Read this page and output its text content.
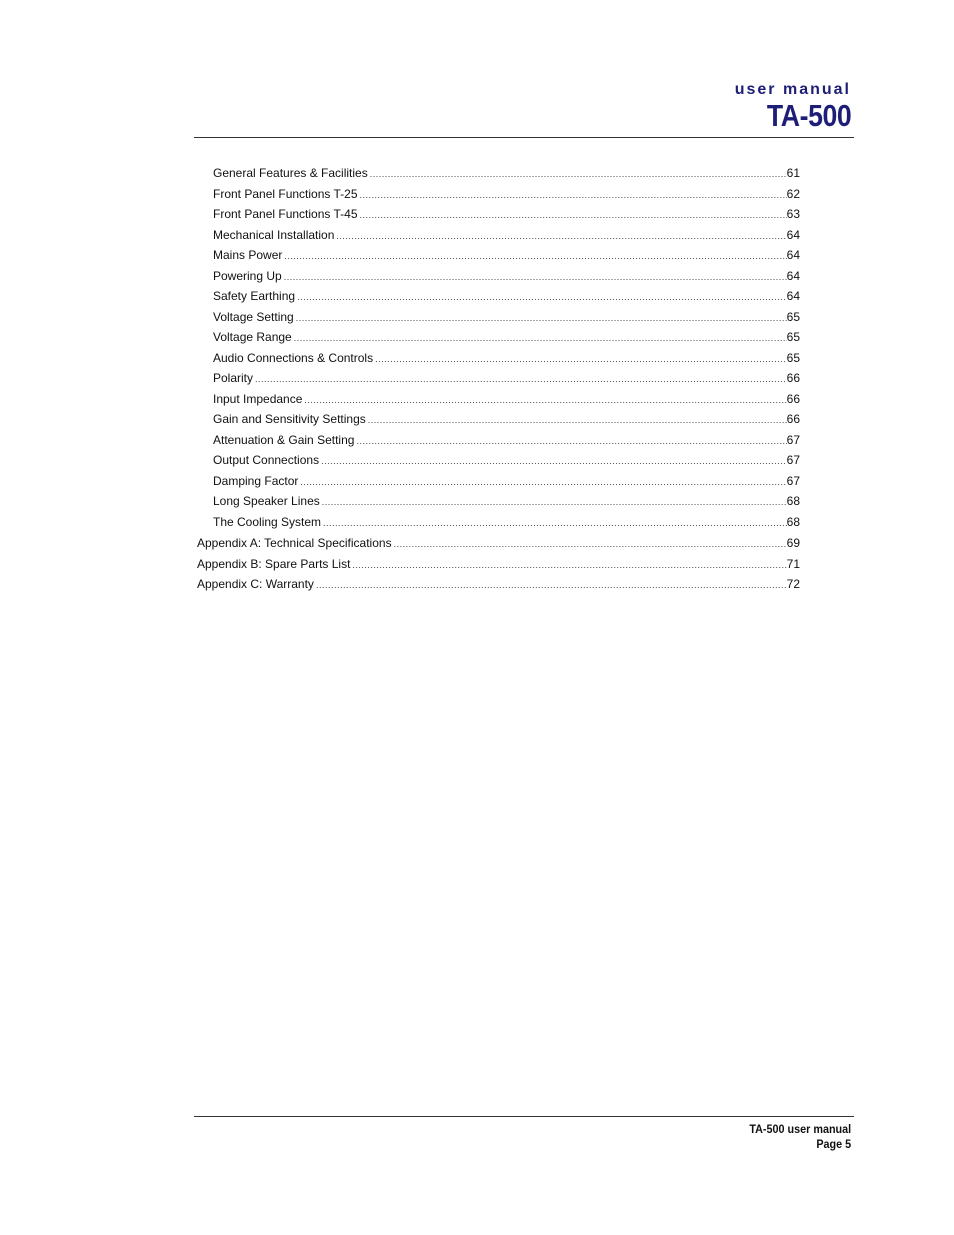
user manual
TA-500
General Features & Facilities .....	61
Front Panel Functions T-25 .....	62
Front Panel Functions T-45 .....	63
Mechanical Installation .....	64
Mains Power .....	64
Powering Up .....	64
Safety Earthing .....	64
Voltage Setting .....	65
Voltage Range .....	65
Audio Connections & Controls .....	65
Polarity .....	66
Input Impedance .....	66
Gain and Sensitivity Settings .....	66
Attenuation & Gain Setting .....	67
Output Connections .....	67
Damping Factor .....	67
Long Speaker Lines .....	68
The Cooling System .....	68
Appendix A: Technical Specifications .....	69
Appendix B: Spare Parts List .....	71
Appendix C: Warranty .....	72
TA-500 user manual
Page 5
